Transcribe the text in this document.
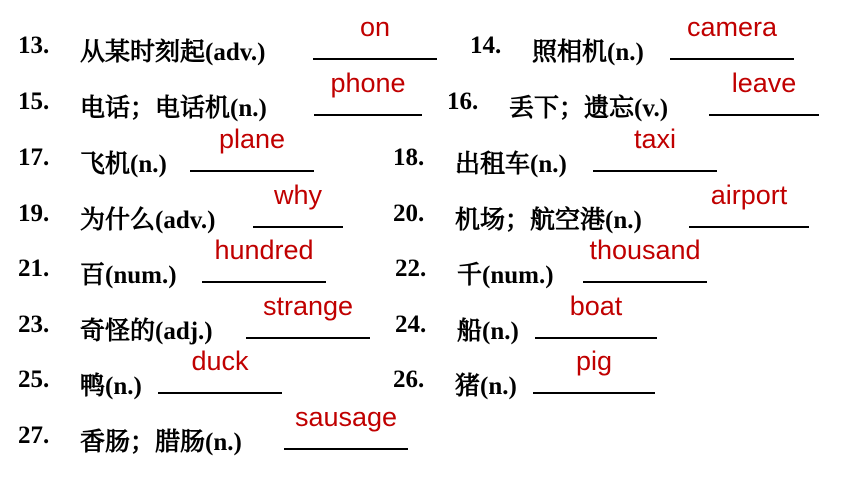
13. 从某时刻起(adv.)
on
14. 照相机(n.)
camera
15. 电话；电话机(n.)
phone
16. 丢下；遗忘(v.)
leave
17. 飞机(n.)
plane
18. 出租车(n.)
taxi
19. 为什么(adv.)
why
20. 机场；航空港(n.)
airport
21. 百(num.)
hundred
22. 千(num.)
thousand
23. 奇怪的(adj.)
strange
24. 船(n.)
boat
25. 鸭(n.)
duck
26. 猪(n.)
pig
27. 香肠；腊肠(n.)
sausage
